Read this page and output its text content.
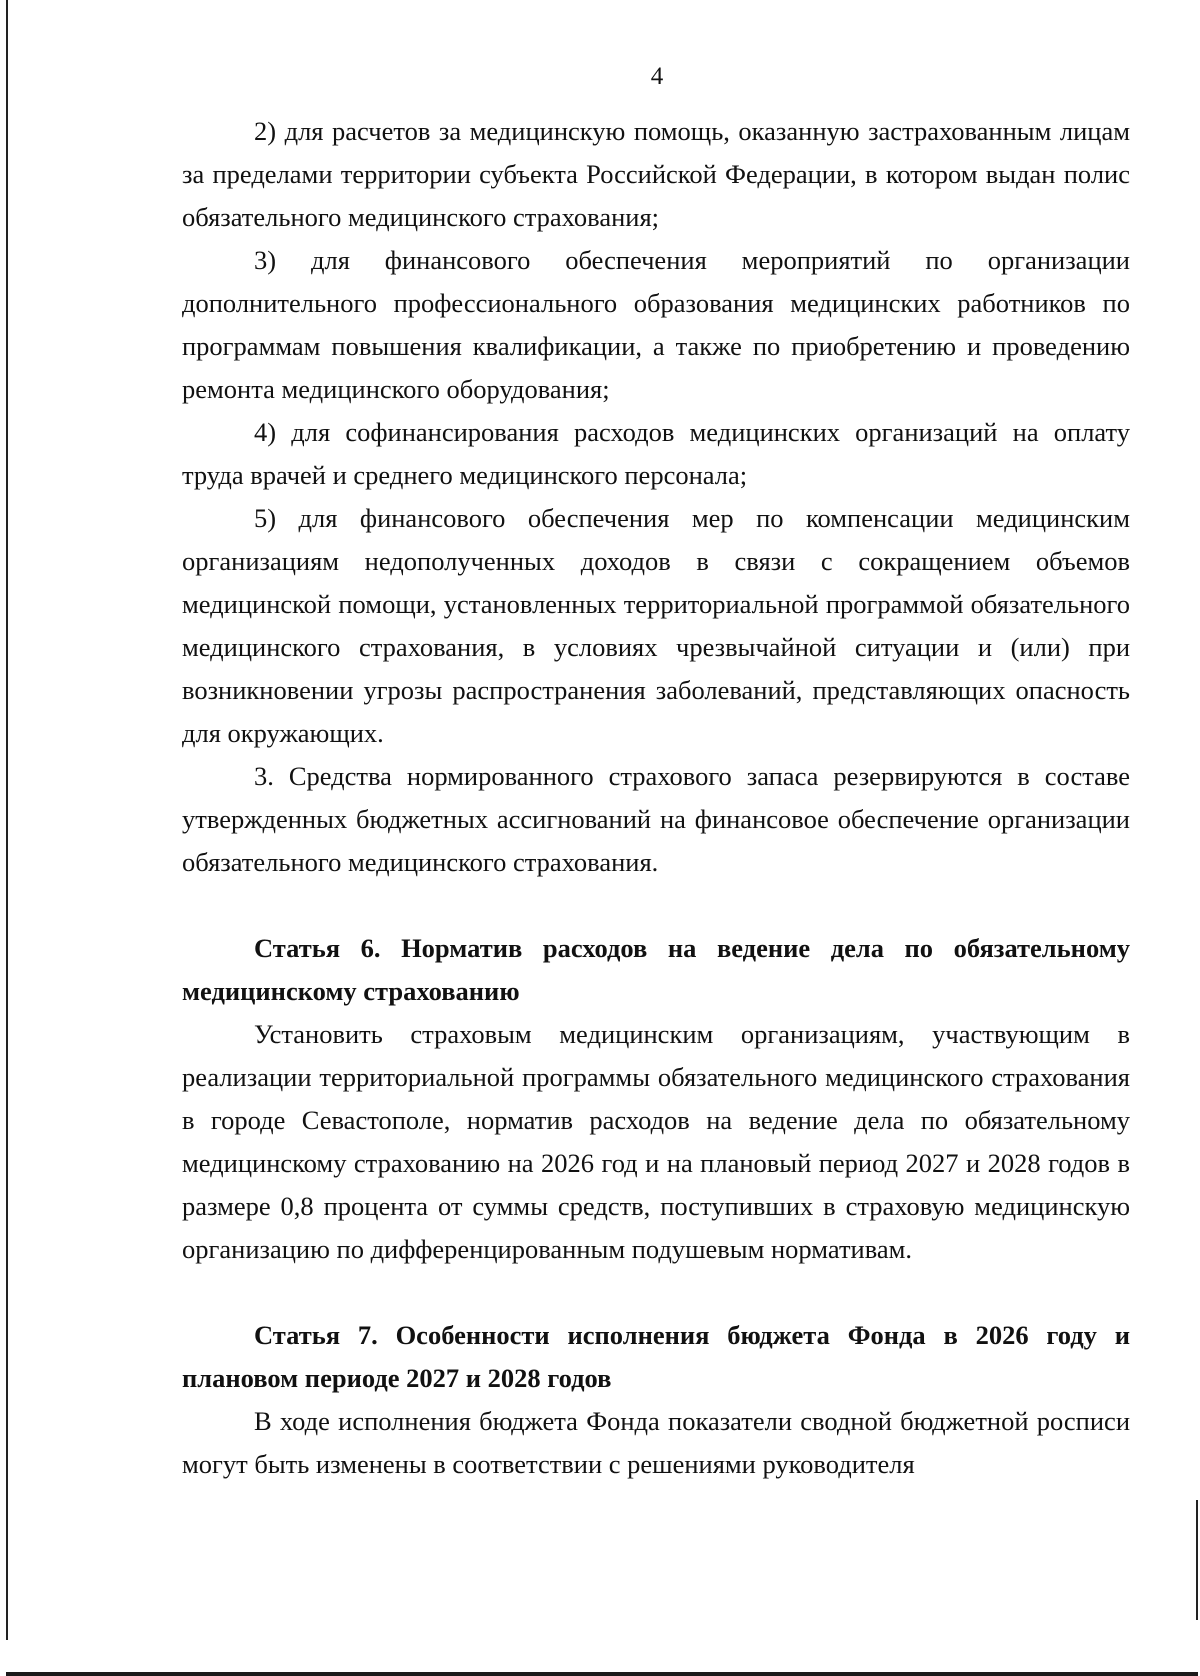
4

2) для расчетов за медицинскую помощь, оказанную застрахованным лицам за пределами территории субъекта Российской Федерации, в котором выдан полис обязательного медицинского страхования;

3) для финансового обеспечения мероприятий по организации дополнительного профессионального образования медицинских работников по программам повышения квалификации, а также по приобретению и проведению ремонта медицинского оборудования;

4) для софинансирования расходов медицинских организаций на оплату труда врачей и среднего медицинского персонала;

5) для финансового обеспечения мер по компенсации медицинским организациям недополученных доходов в связи с сокращением объемов медицинской помощи, установленных территориальной программой обязательного медицинского страхования, в условиях чрезвычайной ситуации и (или) при возникновении угрозы распространения заболеваний, представляющих опасность для окружающих.

3. Средства нормированного страхового запаса резервируются в составе утвержденных бюджетных ассигнований на финансовое обеспечение организации обязательного медицинского страхования.

Статья 6. Норматив расходов на ведение дела по обязательному медицинскому страхованию

Установить страховым медицинским организациям, участвующим в реализации территориальной программы обязательного медицинского страхования в городе Севастополе, норматив расходов на ведение дела по обязательному медицинскому страхованию на 2026 год и на плановый период 2027 и 2028 годов в размере 0,8 процента от суммы средств, поступивших в страховую медицинскую организацию по дифференцированным подушевым нормативам.

Статья 7. Особенности исполнения бюджета Фонда в 2026 году и плановом периоде 2027 и 2028 годов

В ходе исполнения бюджета Фонда показатели сводной бюджетной росписи могут быть изменены в соответствии с решениями руководителя
